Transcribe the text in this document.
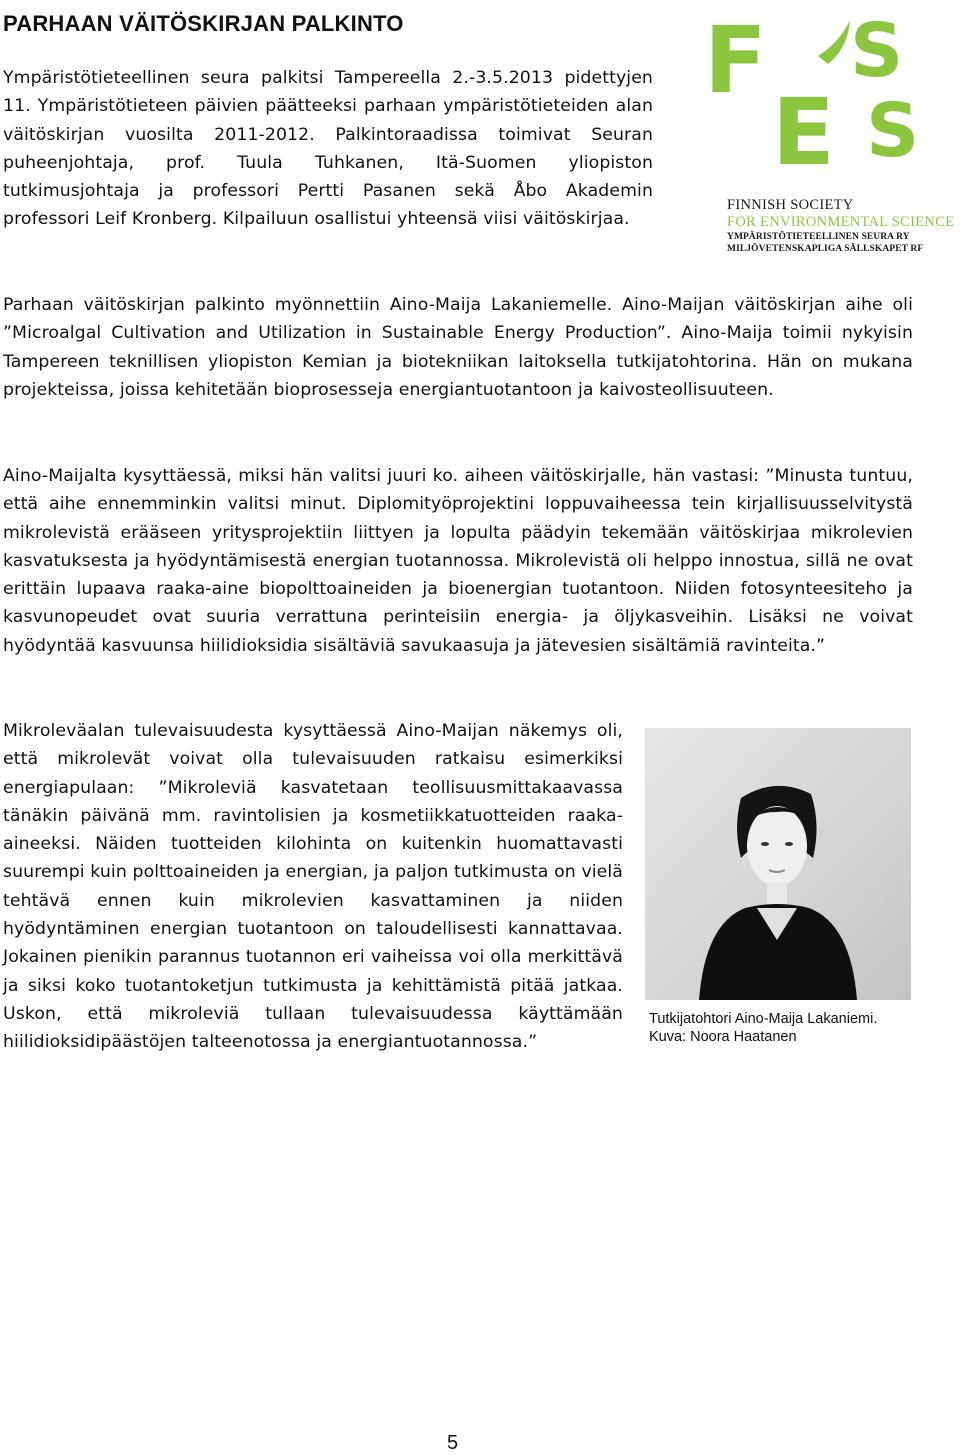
PARHAAN VÄITÖSKIRJAN PALKINTO

Ympäristötieteellinen seura palkitsi Tampereella 2.-3.5.2013 pidettyjen 11. Ympäristötieteen päivien päätteeksi parhaan ympäristötieteiden alan väitöskirjan vuosilta 2011-2012. Palkintoraadissa toimivat Seuran puheenjohtaja, prof. Tuula Tuhkanen, Itä-Suomen yliopiston tutkimusjohtaja ja professori Pertti Pasanen sekä Åbo Akademin professori Leif Kronberg. Kilpailuun osallistui yhteensä viisi väitöskirjaa.

F S
E S
FINNISH SOCIETY
FOR ENVIRONMENTAL SCIENCE
YMPÄRISTÖTIETEELLINEN SEURA RY
MILJÖVETENSKAPLIGA SÄLLSKAPET RF

Parhaan väitöskirjan palkinto myönnettiin Aino-Maija Lakaniemelle. Aino-Maijan väitöskirjan aihe oli ”Microalgal Cultivation and Utilization in Sustainable Energy Production”. Aino-Maija toimii nykyisin Tampereen teknillisen yliopiston Kemian ja biotekniikan laitoksella tutkijatohtorina. Hän on mukana projekteissa, joissa kehitetään bioprosesseja energiantuotantoon ja kaivosteollisuuteen.

Aino-Maijalta kysyttäessä, miksi hän valitsi juuri ko. aiheen väitöskirjalle, hän vastasi: ”Minusta tuntuu, että aihe ennemminkin valitsi minut. Diplomityöprojektini loppuvaiheessa tein kirjallisuusselvitystä mikrolevistä erääseen yritysprojektiin liittyen ja lopulta päädyin tekemään väitöskirjaa mikrolevien kasvatuksesta ja hyödyntämisestä energian tuotannossa. Mikrolevistä oli helppo innostua, sillä ne ovat erittäin lupaava raaka-aine biopolttoaineiden ja bioenergian tuotantoon. Niiden fotosynteesiteho ja kasvunopeudet ovat suuria verrattuna perinteisiin energia- ja öljykasveihin. Lisäksi ne voivat hyödyntää kasvuunsa hiilidioksidia sisältäviä savukaasuja ja jätevesien sisältämiä ravinteita.”

Mikroleväalan tulevaisuudesta kysyttäessä Aino-Maijan näkemys oli, että mikrolevät voivat olla tulevaisuuden ratkaisu esimerkiksi energiapulaan: ”Mikroleviä kasvatetaan teollisuusmittakaavassa tänäkin päivänä mm. ravintolisien ja kosmetiikkatuotteiden raaka-aineeksi. Näiden tuotteiden kilohinta on kuitenkin huomattavasti suurempi kuin polttoaineiden ja energian, ja paljon tutkimusta on vielä tehtävä ennen kuin mikrolevien kasvattaminen ja niiden hyödyntäminen energian tuotantoon on taloudellisesti kannattavaa. Jokainen pienikin parannus tuotannon eri vaiheissa voi olla merkittävä ja siksi koko tuotantoketjun tutkimusta ja kehittämistä pitää jatkaa. Uskon, että mikroleviä tullaan tulevaisuudessa käyttämään hiilidioksidipäästöjen talteenotossa ja energiantuotannossa.”

Tutkijatohtori Aino-Maija Lakaniemi.
Kuva: Noora Haatanen
5
